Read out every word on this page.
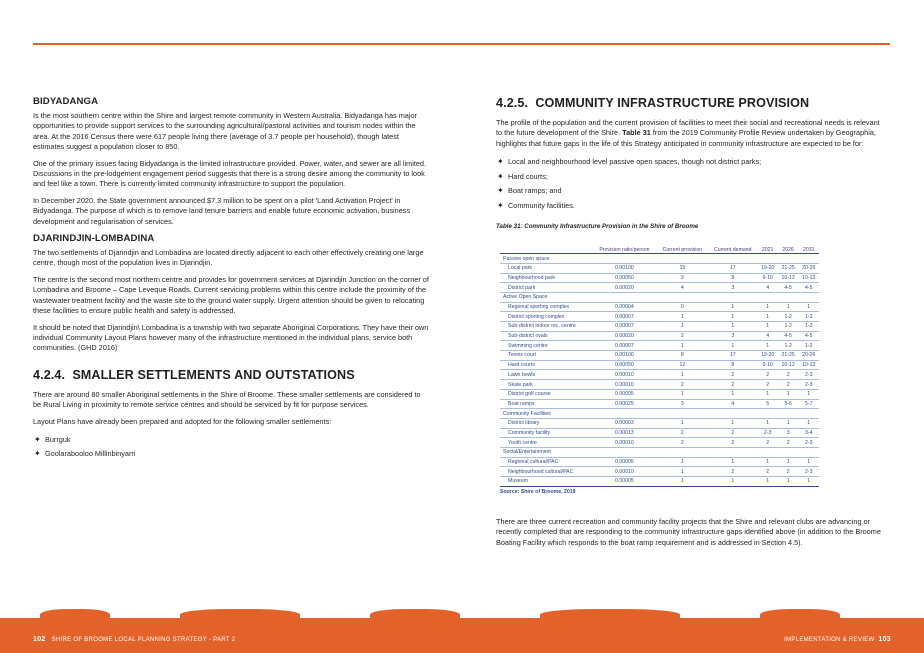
BIDYADANGA

Is the most southern centre within the Shire and largest remote community in Western Australia. Bidyadanga has major opportunities to provide support services to the surrounding agricultural/pastoral activities and tourism nodes within the area. At the 2016 Census there were 617 people living there (average of 3.7 people per household), though latest estimates suggest a population closer to 850.

One of the primary issues facing Bidyadanga is the limited infrastructure provided. Power, water, and sewer are all limited. Discussions in the pre-lodgement engagement period suggests that there is a strong desire among the community to look and feel like a town. There is currently limited community infrastructure to support the population.

In December 2020, the State government announced $7.3 million to be spent on a pilot 'Land Activation Project' in Bidyadanga. The purpose of which is to remove land tenure barriers and enable future economic activation, business development and regularisation of services.

DJARINDJIN-LOMBADINA

The two settlements of Djarindjin and Lombadina are located directly adjacent to each other effectively creating one large centre, though most of the population lives in Djarindjin.

The centre is the second most northern centre and provides for government services at Djarindjin Junction on the corner of Lombadina and Broome – Cape Leveque Roads. Current servicing problems within this centre include the proximity of the wastewater treatment facility and the waste site to the ground water supply. Urgent attention should be given to relocating these facilities to ensure public health and safety is addressed.

It should be noted that Djarindjin\ Lombadina is a township with two separate Aboriginal Corporations. They have their own individual Community Layout Plans however many of the infrastructure mentioned in the individual plans, service both communities. (GHD 2016)

4.2.4. SMALLER SETTLEMENTS AND OUTSTATIONS

There are around 80 smaller Aboriginal settlements in the Shire of Broome. These smaller settlements are considered to be Rural Living in proximity to remote service centres and should be serviced by fit for purpose services.

Layout Plans have already been prepared and adopted for the following smaller settlements:

✦ Burrguk
✦ Goolarabooloo Millinbinyarri
4.2.5. COMMUNITY INFRASTRUCTURE PROVISION

The profile of the population and the current provision of facilities to meet their social and recreational needs is relevant to the future development of the Shire. Table 31 from the 2019 Community Profile Review undertaken by Geographia, highlights that future gaps in the life of this Strategy anticipated in community infrastructure are expected to be for:

✦ Local and neighbourhood level passive open spaces, though not district parks;
✦ Hard courts;
✦ Boat ramps; and
✦ Community facilities.
Table 31: Community Infrastructure Provision in the Shire of Broome
	Provision ratio/person	Current provision	Current demand	2021	2026	2031
Passive open space						
Local park	0.00100	15	17	19-20	21-25	20-26
Neighbourhood park	0.00050	3	8	9-10	10-12	10-13
District park	0.00020	4	3	4	4-5	4-5
Active Open Space						
Regional sporting complex	0.00004	0	1	1	1	1
District sporting complex	0.00007	1	1	1	1-2	1-2
Sub-district indoor rec. centre	0.00007	1	1	1	1-2	1-2
Sub-district ovals	0.00020	2	3	4	4-5	4-5
Swimming centre	0.00007	1	1	1	1-2	1-2
Tennis court	0.00100	8	17	19-20	21-25	20-26
Hard courts	0.00050	12	8	9-10	10-12	10-13
Lawn bowls	0.00010	1	2	2	2	2-3
Skate park	0.00010	2	2	2	2	2-3
District golf course	0.00005	1	1	1	1	1
Boat ramps	0.00025	3	4	5	5-6	5-7
Community Facilities						
District library	0.00003	1	1	1	1	1
Community facility	0.00013	2	2	2-3	3	3-4
Youth centre	0.00010	2	2	2	2	2-3
Social/Entertainment						
Regional cultural/PAC	0.00005	1	1	1	1	1
Neighbourhood cultural/PAC	0.00010	1	2	2	2	2-3
Museum	0.00005	1	1	1	1	1
Source: Shire of Broome, 2019

There are three current recreation and community facility projects that the Shire and relevant clubs are advancing or recently completed that are responding to the community infrastructure gaps identified above (in addition to the Broome Boating Facility which responds to the boat ramp requirement and is addressed in Section 4.5).

102 SHIRE OF BROOME LOCAL PLANNING STRATEGY - PART 2	IMPLEMENTATION & REVIEW 103
